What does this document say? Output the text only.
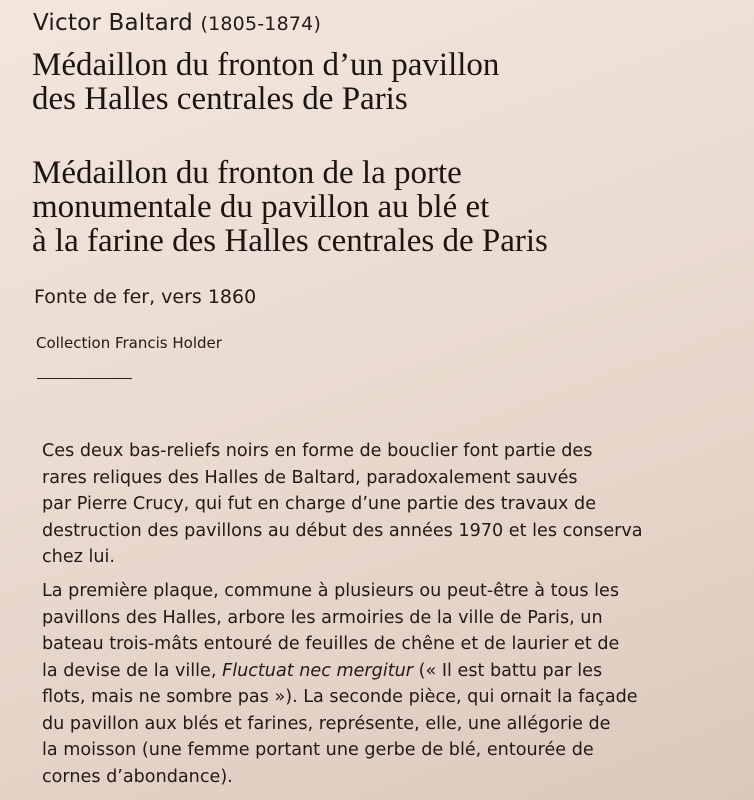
Victor Baltard (1805-1874)
Médaillon du fronton d’un pavillon
des Halles centrales de Paris
Médaillon du fronton de la porte
monumentale du pavillon au blé et
à la farine des Halles centrales de Paris
Fonte de fer, vers 1860
Collection Francis Holder
Ces deux bas-reliefs noirs en forme de bouclier font partie des
rares reliques des Halles de Baltard, paradoxalement sauvés
par Pierre Crucy, qui fut en charge d’une partie des travaux de
destruction des pavillons au début des années 1970 et les conserva
chez lui.
La première plaque, commune à plusieurs ou peut-être à tous les
pavillons des Halles, arbore les armoiries de la ville de Paris, un
bateau trois-mâts entouré de feuilles de chêne et de laurier et de
la devise de la ville, Fluctuat nec mergitur (« Il est battu par les
flots, mais ne sombre pas »). La seconde pièce, qui ornait la façade
du pavillon aux blés et farines, représente, elle, une allégorie de
la moisson (une femme portant une gerbe de blé, entourée de
cornes d’abondance).
